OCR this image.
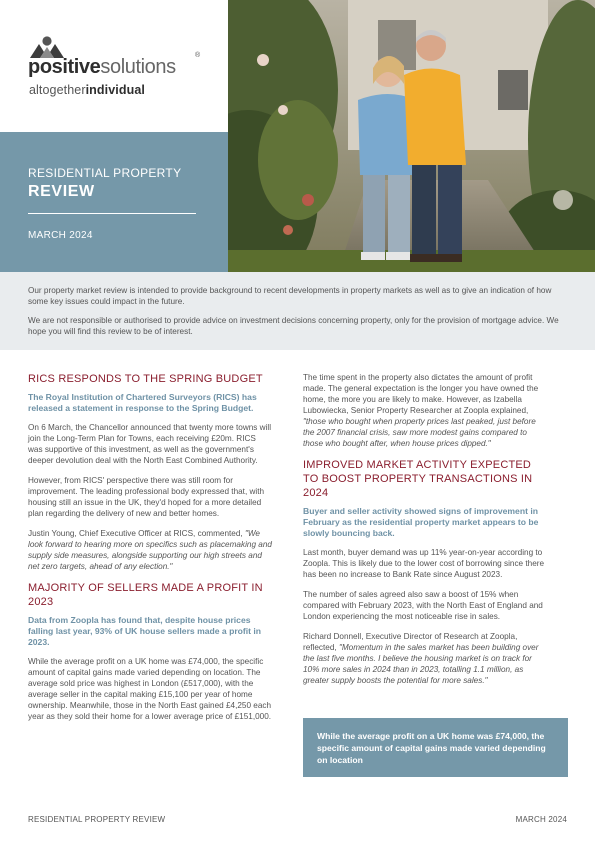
positivesolutions
®
altogetherindividual
RESIDENTIAL PROPERTY
REVIEW
MARCH 2024

Our property market review is intended to provide background to recent developments in property markets as well as to give an indication of how some key issues could impact in the future.

We are not responsible or authorised to provide advice on investment decisions concerning property, only for the provision of mortgage advice. We hope you will find this review to be of interest.

RICS RESPONDS TO THE SPRING BUDGET

The Royal Institution of Chartered Surveyors (RICS) has released a statement in response to the Spring Budget.

On 6 March, the Chancellor announced that twenty more towns will join the Long-Term Plan for Towns, each receiving £20m. RICS was supportive of this investment, as well as the government's deeper devolution deal with the North East Combined Authority.

However, from RICS' perspective there was still room for improvement. The leading professional body expressed that, with housing still an issue in the UK, they'd hoped for a more detailed plan regarding the delivery of new and better homes.

Justin Young, Chief Executive Officer at RICS, commented, "We look forward to hearing more on specifics such as placemaking and supply side measures, alongside supporting our high streets and net zero targets, ahead of any election."

MAJORITY OF SELLERS MADE A PROFIT IN 2023

Data from Zoopla has found that, despite house prices falling last year, 93% of UK house sellers made a profit in 2023.

While the average profit on a UK home was £74,000, the specific amount of capital gains made varied depending on location. The average sold price was highest in London (£517,000), with the average seller in the capital making £15,100 per year of home ownership. Meanwhile, those in the North East gained £4,250 each year as they sold their home for a lower average price of £151,000.

The time spent in the property also dictates the amount of profit made. The general expectation is the longer you have owned the home, the more you are likely to make. However, as Izabella Lubowiecka, Senior Property Researcher at Zoopla explained, "those who bought when property prices last peaked, just before the 2007 financial crisis, saw more modest gains compared to those who bought after, when house prices dipped."

IMPROVED MARKET ACTIVITY EXPECTED TO BOOST PROPERTY TRANSACTIONS IN 2024

Buyer and seller activity showed signs of improvement in February as the residential property market appears to be slowly bouncing back.

Last month, buyer demand was up 11% year-on-year according to Zoopla. This is likely due to the lower cost of borrowing since there has been no increase to Bank Rate since August 2023.

The number of sales agreed also saw a boost of 15% when compared with February 2023, with the North East of England and London experiencing the most noticeable rise in sales.

Richard Donnell, Executive Director of Research at Zoopla, reflected, "Momentum in the sales market has been building over the last five months. I believe the housing market is on track for 10% more sales in 2024 than in 2023, totalling 1.1 million, as greater supply boosts the potential for more sales."

While the average profit on a UK home was £74,000, the specific amount of capital gains made varied depending on location

RESIDENTIAL PROPERTY REVIEW	MARCH 2024
